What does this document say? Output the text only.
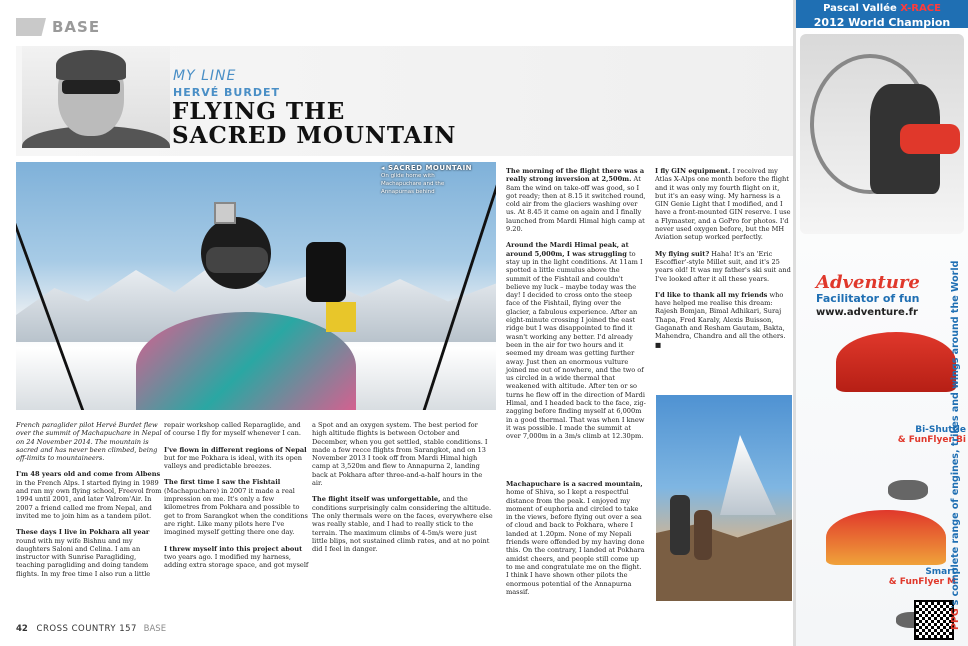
BASE
MY LINE
HERVÉ BURDET
FLYING THE
SACRED MOUNTAIN
◂ SACRED MOUNTAIN
On glide home with
Machapuchare and the
Annapurnas behind

French paraglider pilot Hervé Burdet flew over the summit of Machapuchare in Nepal on 24 November 2014. The mountain is sacred and has never been climbed, being off-limits to mountaineers.

I'm 48 years old and come from Albens in the French Alps. I started flying in 1989 and ran my own flying school, Freevol from 1994 until 2001, and later Valrom'Air. In 2007 a friend called me from Nepal, and invited me to join him as a tandem pilot.

These days I live in Pokhara all year round with my wife Bishnu and my daughters Saloni and Celina. I am an instructor with Sunrise Paragliding, teaching paragliding and doing tandem flights. In my free time I also run a little

repair workshop called Reparaglide, and of course I fly for myself whenever I can.

I've flown in different regions of Nepal but for me Pokhara is ideal, with its open valleys and predictable breezes.

The first time I saw the Fishtail (Machapuchare) in 2007 it made a real impression on me. It's only a few kilometres from Pokhara and possible to get to from Sarangkot when the conditions are right. Like many pilots here I've imagined myself getting there one day.

I threw myself into this project about two years ago. I modified my harness, adding extra storage space, and got myself

a Spot and an oxygen system. The best period for high altitude flights is between October and December, when you get settled, stable conditions. I made a few recce flights from Sarangkot, and on 13 November 2013 I took off from Mardi Himal high camp at 3,520m and flew to Annapurna 2, landing back at Pokhara after three-and-a-half hours in the air.

The flight itself was unforgettable, and the conditions surprisingly calm considering the altitude. The only thermals were on the faces, everywhere else was really stable, and I had to really stick to the terrain. The maximum climbs of 4-5m/s were just little blips, not sustained climb rates, and at no point did I feel in danger.

The morning of the flight there was a really strong inversion at 2,500m. At 8am the wind on take-off was good, so I got ready; then at 8.15 it switched round, cold air from the glaciers washing over us. At 8.45 it came on again and I finally launched from Mardi Himal high camp at 9.20.

Around the Mardi Himal peak, at around 5,000m, I was struggling to stay up in the light conditions. At 11am I spotted a little cumulus above the summit of the Fishtail and couldn't believe my luck – maybe today was the day! I decided to cross onto the steep face of the Fishtail, flying over the glacier, a fabulous experience. After an eight-minute crossing I joined the east ridge but I was disappointed to find it wasn't working any better. I'd already been in the air for two hours and it seemed my dream was getting further away. Just then an enormous vulture joined me out of nowhere, and the two of us circled in a wide thermal that weakened with altitude. After ten or so turns he flew off in the direction of Mardi Himal, and I headed back to the face, zig-zagging before finding myself at 6,000m in a good thermal. That was when I knew it was possible. I made the summit at over 7,000m in a 3m/s climb at 12.30pm.

Machapuchare is a sacred mountain, home of Shiva, so I kept a respectful distance from the peak. I enjoyed my moment of euphoria and circled to take in the views, before flying out over a sea of cloud and back to Pokhara, where I landed at 1.20pm. None of my Nepali friends were offended by my having done this. On the contrary, I landed at Pokhara amidst cheers, and people still come up to me and congratulate me on the flight. I think I have shown other pilots the enormous potential of the Annapurna massif.

I fly GIN equipment. I received my Atlas X-Alps one month before the flight and it was only my fourth flight on it, but it's an easy wing. My harness is a GIN Genie Light that I modified, and I have a front-mounted GIN reserve. I use a Flymaster, and a GoPro for photos. I'd never used oxygen before, but the MH Aviation setup worked perfectly.

My flying suit? Haha! It's an 'Eric Escoffier'-style Millet suit, and it's 25 years old! It was my father's ski suit and I've looked after it all these years.

I'd like to thank all my friends who have helped me realise this dream: Rajesh Bomjan, Bimal Adhikari, Suraj Thapa, Fred Karaly, Alexis Buisson, Gaganath and Resham Gautam, Bakta, Mahendra, Chandra and all the others. ■

42 CROSS COUNTRY 157 BASE
Pascal Vallée X-RACE
2012 World Champion
Adventure
Facilitator of fun
www.adventure.fr
Bi-Shuttle
& FunFlyer Bi
Smart
& FunFlyer M
PPG's complete range of engines, trikes and wings around the World
